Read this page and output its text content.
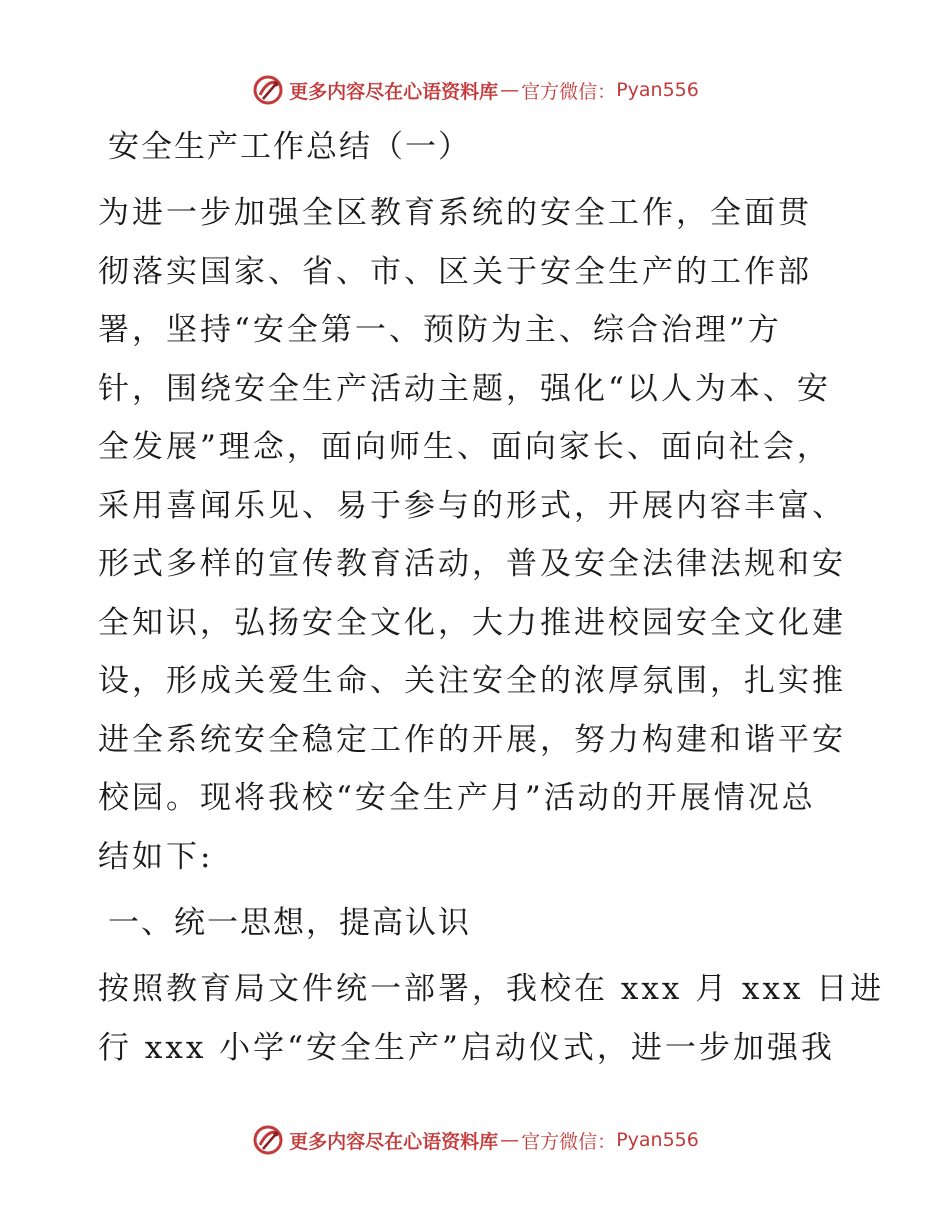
更多内容尽在心语资料库 — 官方微信： Pyan556
安全生产工作总结（一）

为进一步加强全区教育系统的安全工作，全面贯
彻落实国家、省、市、区关于安全生产的工作部
署，坚持“安全第一、预防为主、综合治理”方
针，围绕安全生产活动主题，强化“以人为本、安
全发展”理念，面向师生、面向家长、面向社会，
采用喜闻乐见、易于参与的形式，开展内容丰富、
形式多样的宣传教育活动，普及安全法律法规和安
全知识，弘扬安全文化，大力推进校园安全文化建
设，形成关爱生命、关注安全的浓厚氛围，扎实推
进全系统安全稳定工作的开展，努力构建和谐平安
校园。现将我校“安全生产月”活动的开展情况总
结如下:

一、统一思想，提高认识

按照教育局文件统一部署，我校在 xxx 月 xxx 日进
行 xxx 小学“安全生产”启动仪式，进一步加强我

更多内容尽在心语资料库 — 官方微信： Pyan556
